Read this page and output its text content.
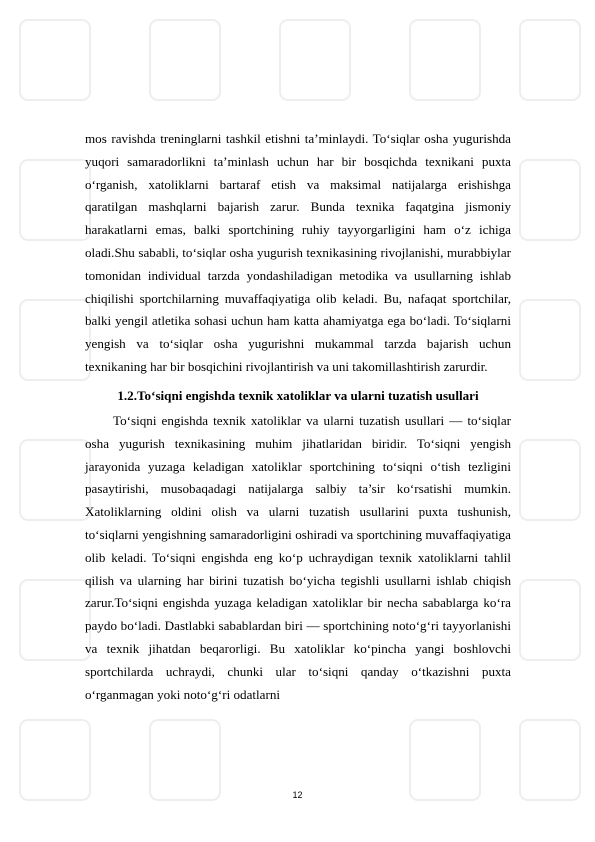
mos ravishda treninglarni tashkil etishni ta’minlaydi. To‘siqlar osha yugurishda yuqori samaradorlikni ta’minlash uchun har bir bosqichda texnikani puxta o‘rganish, xatoliklarni bartaraf etish va maksimal natijalarga erishishga qaratilgan mashqlarni bajarish zarur. Bunda texnika faqatgina jismoniy harakatlarni emas, balki sportchining ruhiy tayyorgarligini ham o‘z ichiga oladi.Shu sababli, to‘siqlar osha yugurish texnikasining rivojlanishi, murabbiylar tomonidan individual tarzda yondashiladigan metodika va usullarning ishlab chiqilishi sportchilarning muvaffaqiyatiga olib keladi. Bu, nafaqat sportchilar, balki yengil atletika sohasi uchun ham katta ahamiyatga ega bo‘ladi. To‘siqlarni yengish va to‘siqlar osha yugurishni mukammal tarzda bajarish uchun texnikaning har bir bosqichini rivojlantirish va uni takomillashtirish zarurdir.
1.2.To‘siqni engishda texnik xatoliklar va ularni tuzatish usullari
To‘siqni engishda texnik xatoliklar va ularni tuzatish usullari — to‘siqlar osha yugurish texnikasining muhim jihatlaridan biridir. To‘siqni yengish jarayonida yuzaga keladigan xatoliklar sportchining to‘siqni o‘tish tezligini pasaytirishi, musobaqadagi natijalarga salbiy ta’sir ko‘rsatishi mumkin. Xatoliklarning oldini olish va ularni tuzatish usullarini puxta tushunish, to‘siqlarni yengishning samaradorligini oshiradi va sportchining muvaffaqiyatiga olib keladi. To‘siqni engishda eng ko‘p uchraydigan texnik xatoliklarni tahlil qilish va ularning har birini tuzatish bo‘yicha tegishli usullarni ishlab chiqish zarur.To‘siqni engishda yuzaga keladigan xatoliklar bir necha sabablarga ko‘ra paydo bo‘ladi. Dastlabki sabablardan biri — sportchining noto‘g‘ri tayyorlanishi va texnik jihatdan beqarorligi. Bu xatoliklar ko‘pincha yangi boshlovchi sportchilarda uchraydi, chunki ular to‘siqni qanday o‘tkazishni puxta o‘rganmagan yoki noto‘g‘ri odatlarni
12
